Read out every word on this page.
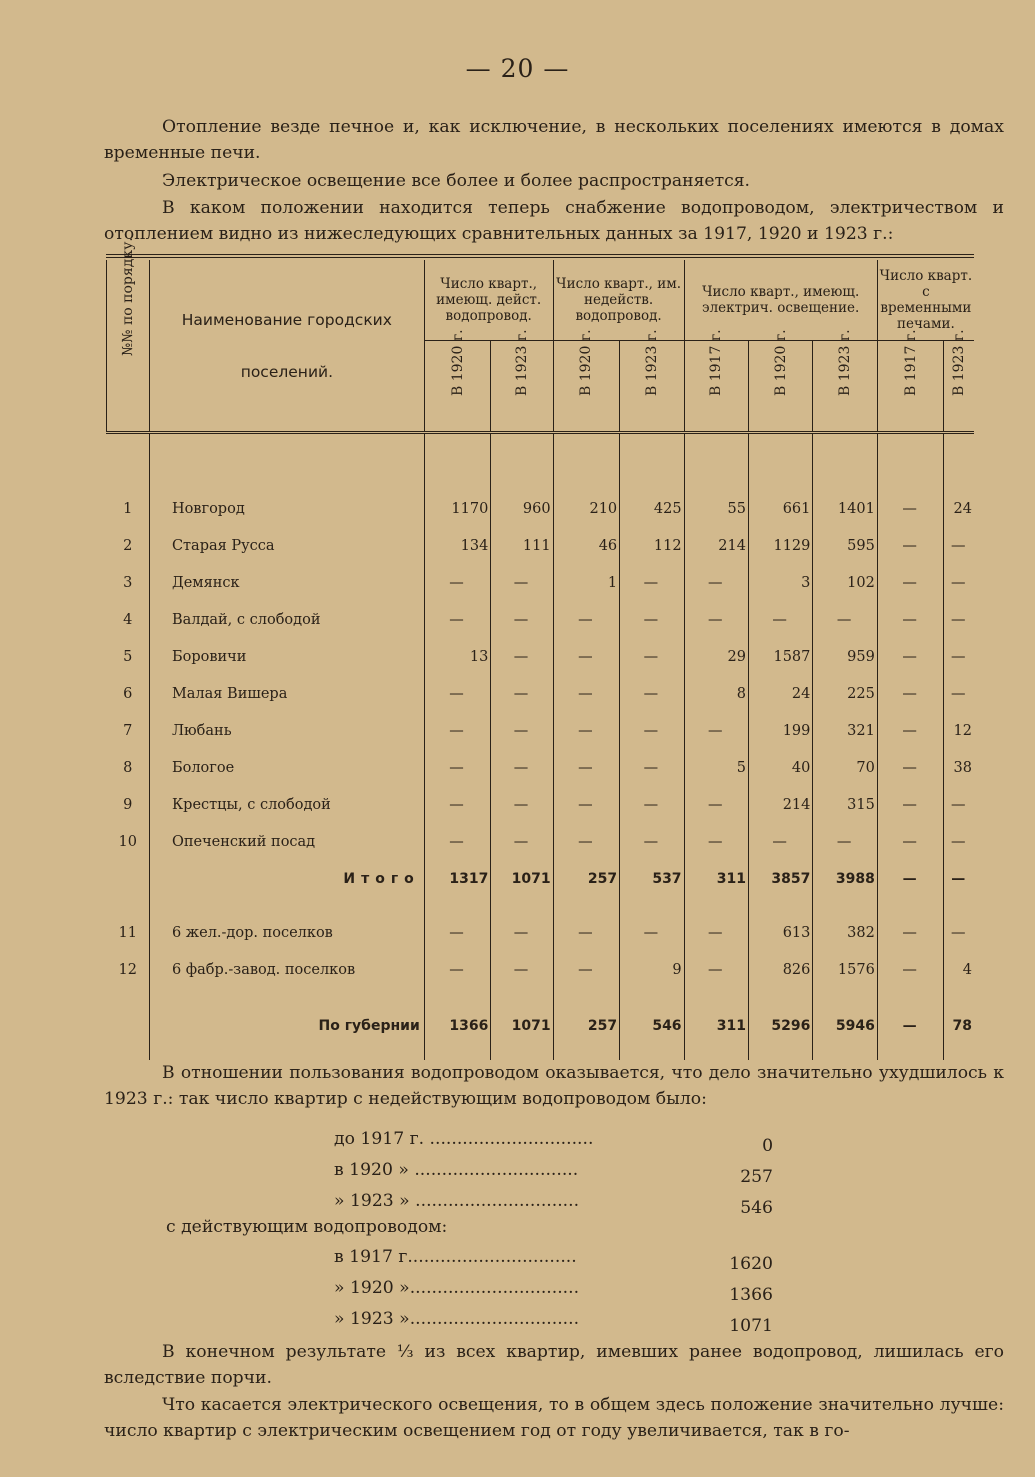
— 20 —
Отопление везде печное и, как исключение, в нескольких поселениях имеются в домах временные печи.
Электрическое освещение все более и более распространяется.
В каком положении находится теперь снабжение водопроводом, электричеством и отоплением видно из нижеследующих сравнительных данных за 1917, 1920 и 1923 г.:
№№ по порядку.	Наименование городских поселений.	Число кварт., имеющ. дейст. водопровод.		Число кварт., им. недейств. водопровод.		Число кварт., имеющ. электрич. освещение.			Число кварт. с временными печами.	

		В 1920 г.	В 1923 г.	В 1920 г.	В 1923 г.	В 1917 г.	В 1920 г.	В 1923 г.	В 1917 г.	В 1923 г.

1	Новгород	1170	960	210	425	55	661	1401	—	24
2	Старая Русса	134	111	46	112	214	1129	595	—	—
3	Демянск	—	—	1	—	—	3	102	—	—
4	Валдай, с слободой	—	—	—	—	—	—	—	—	—
5	Боровичи	13	—	—	—	29	1587	959	—	—
6	Малая Вишера	—	—	—	—	8	24	225	—	—
7	Любань	—	—	—	—	—	199	321	—	12
8	Бологое	—	—	—	—	5	40	70	—	38
9	Крестцы, с слободой	—	—	—	—	—	214	315	—	—
10	Опеченский посад	—	—	—	—	—	—	—	—	—
	Итого	1317	1071	257	537	311	3857	3988	—	—

11	6 жел.-дор. поселков	—	—	—	—	—	613	382	—	—
12	6 фабр.-завод. поселков	—	—	—	9	—	826	1576	—	4

	По губернии	1366	1071	257	546	311	5296	5946	—	78

В отношении пользования водопроводом оказывается, что дело значительно ухудшилось к 1923 г.: так число квартир с недействующим водопроводом было:
до 1917 г. ..............................	0
в 1920 » ..............................	257
» 1923 » ..............................	546
с действующим водопроводом:
в 1917 г...............................	1620
» 1920 »...............................	1366
» 1923 »...............................	1071
В конечном результате ⅓ из всех квартир, имевших ранее водопровод, лишилась его вследствие порчи.
Что касается электрического освещения, то в общем здесь положение значительно лучше: число квартир с электрическим освещением год от году увеличивается, так в го-
